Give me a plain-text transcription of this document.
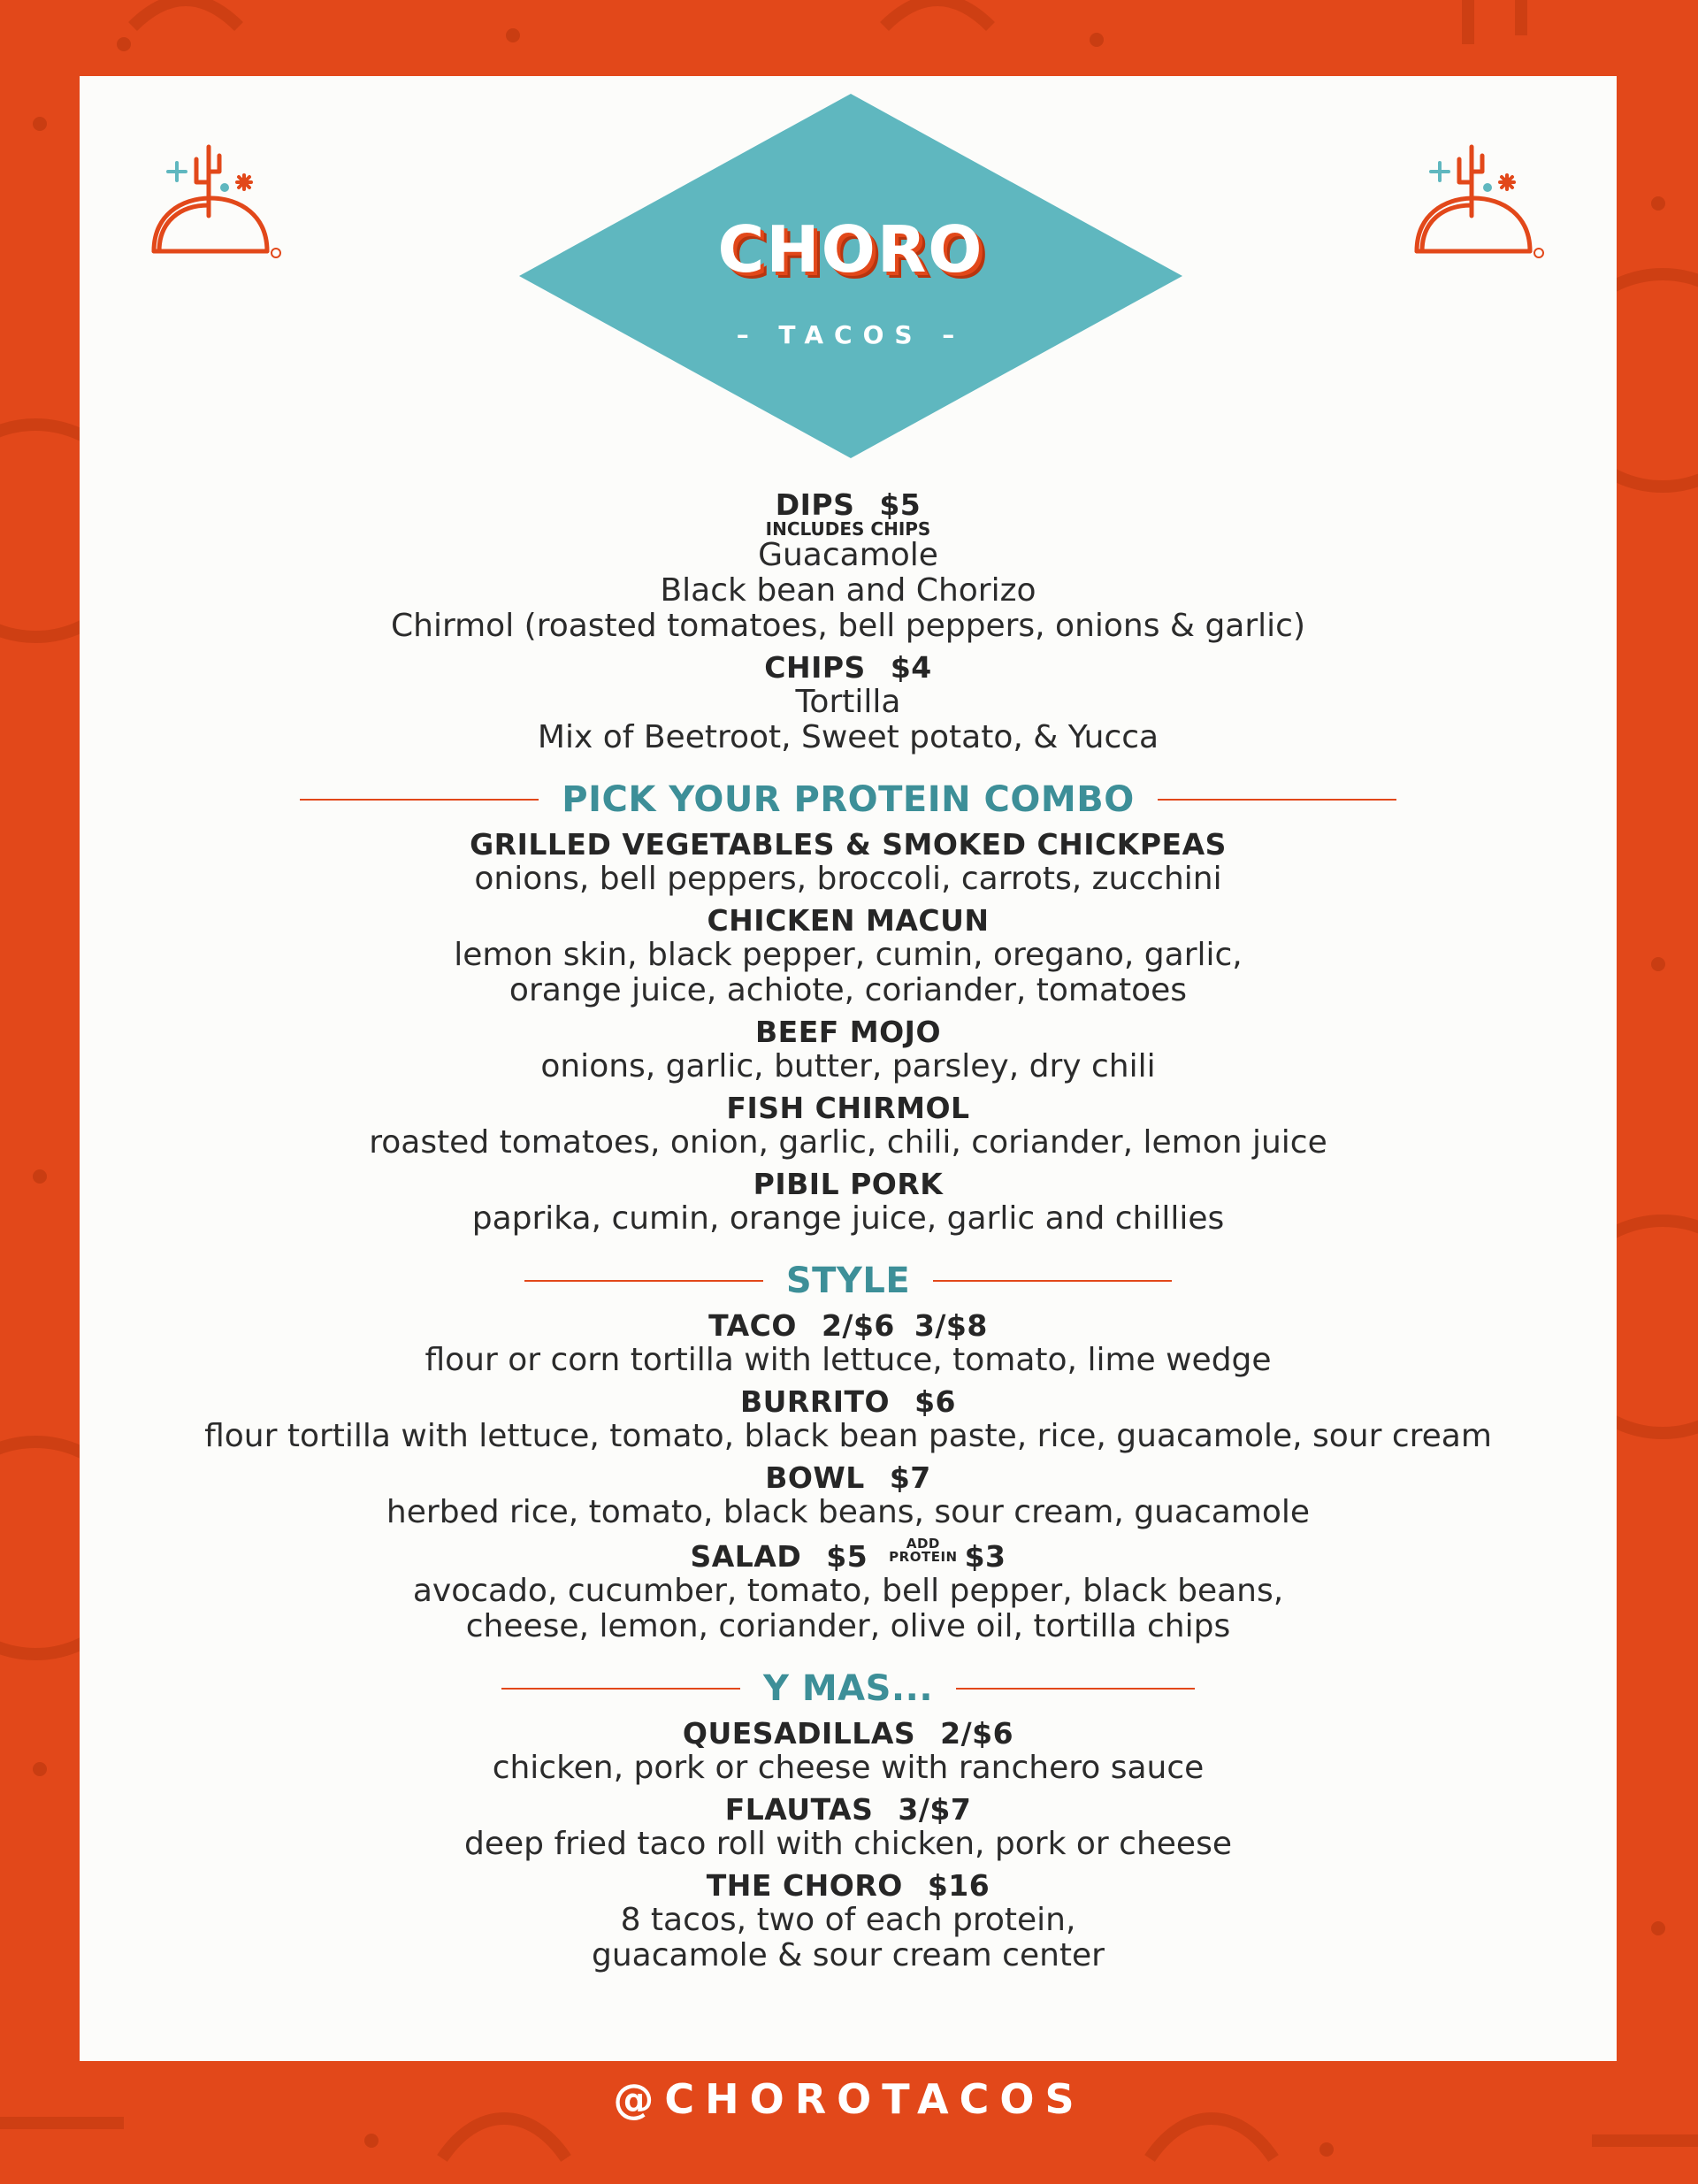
CHORO
– TACOS –
DIPS $5
INCLUDES CHIPS
Guacamole
Black bean and Chorizo
Chirmol (roasted tomatoes, bell peppers, onions & garlic)
CHIPS $4
Tortilla
Mix of Beetroot, Sweet potato, & Yucca
PICK YOUR PROTEIN COMBO
GRILLED VEGETABLES & SMOKED CHICKPEAS
onions, bell peppers, broccoli, carrots, zucchini
CHICKEN MACUN
lemon skin, black pepper, cumin, oregano, garlic,
orange juice, achiote, coriander, tomatoes
BEEF MOJO
onions, garlic, butter, parsley, dry chili
FISH CHIRMOL
roasted tomatoes, onion, garlic, chili, coriander, lemon juice
PIBIL PORK
paprika, cumin, orange juice, garlic and chillies
STYLE
TACO 2/$6 3/$8
flour or corn tortilla with lettuce, tomato, lime wedge
BURRITO $6
flour tortilla with lettuce, tomato, black bean paste, rice, guacamole, sour cream
BOWL $7
herbed rice, tomato, black beans, sour cream, guacamole
SALAD $5	ADD
PROTEIN $3
avocado, cucumber, tomato, bell pepper, black beans,
cheese, lemon, coriander, olive oil, tortilla chips
Y MAS...
QUESADILLAS 2/$6
chicken, pork or cheese with ranchero sauce
FLAUTAS 3/$7
deep fried taco roll with chicken, pork or cheese
THE CHORO $16
8 tacos, two of each protein,
guacamole & sour cream center
@CHOROTACOS
